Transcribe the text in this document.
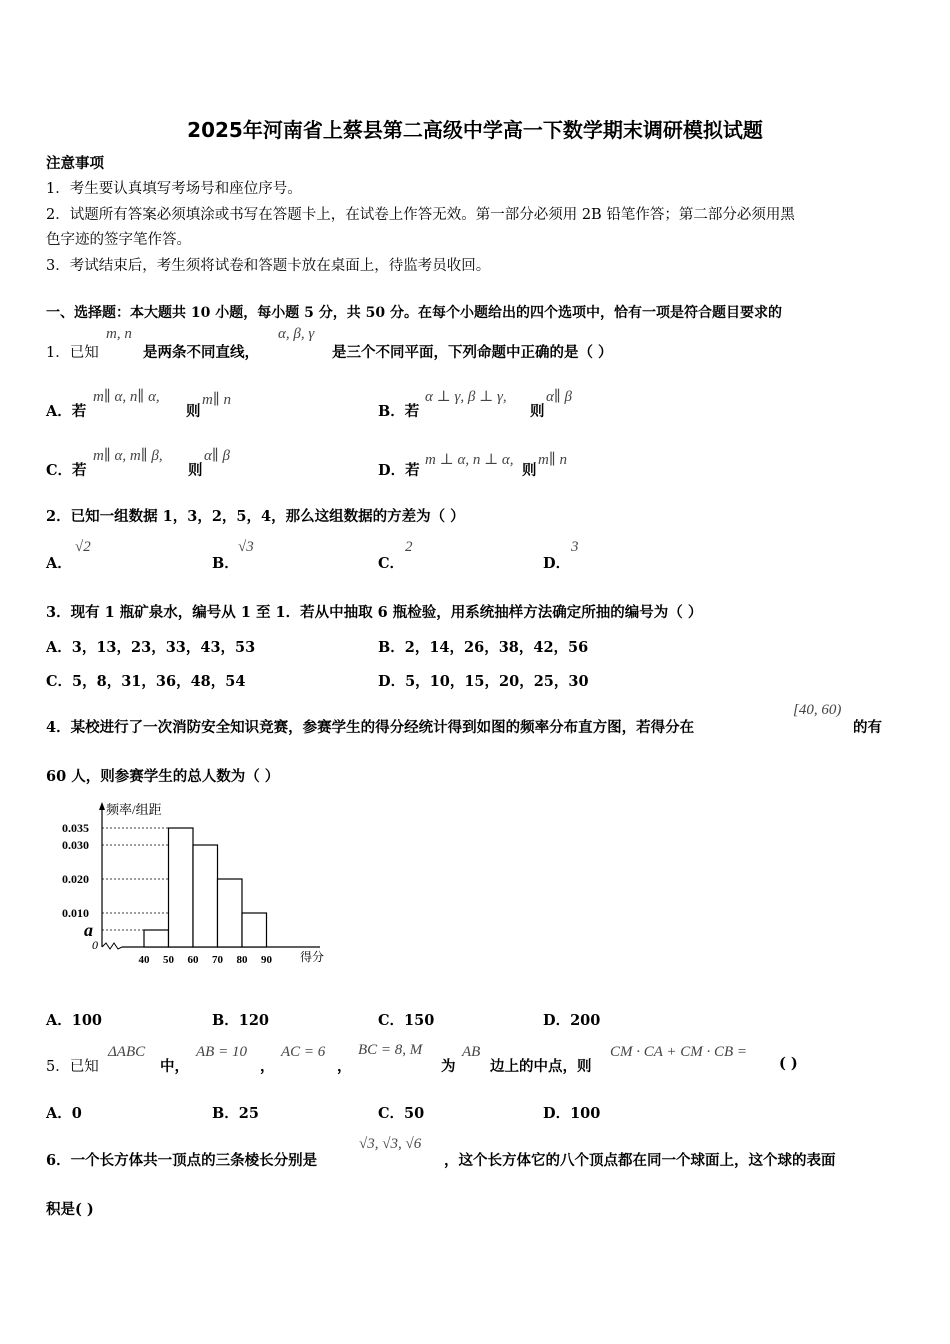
2025年河南省上蔡县第二高级中学高一下数学期末调研模拟试题
注意事项
1．考生要认真填写考场号和座位序号。
2．试题所有答案必须填涂或书写在答题卡上，在试卷上作答无效。第一部分必须用 2B 铅笔作答；第二部分必须用黑
色字迹的签字笔作答。
3．考试结束后，考生须将试卷和答题卡放在桌面上，待监考员收回。
一、选择题：本大题共 10 小题，每小题 5 分，共 50 分。在每个小题给出的四个选项中，恰有一项是符合题目要求的
1．已知
m, n
是两条不同直线，
α, β, γ
是三个不同平面，下列命题中正确的是（ ）
A．若
m∥ α, n∥ α,
则
m∥ n
B．若
α ⊥ γ, β ⊥ γ,
则
α∥ β
C．若
m∥ α, m∥ β,
则
α∥ β
D．若
m ⊥ α, n ⊥ α,
则
m∥ n
2．已知一组数据 1，3，2，5，4，那么这组数据的方差为（ ）
A．
√2
B．
√3
C．
2
D．
3
3．现有 1 瓶矿泉水，编号从 1 至 1．若从中抽取 6 瓶检验，用系统抽样方法确定所抽的编号为（ ）
A．3，13，23，33，43，53	B．2，14，26，38，42，56
C．5，8，31，36，48，54	D．5，10，15，20，25，30
4．某校进行了一次消防安全知识竞赛，参赛学生的得分经统计得到如图的频率分布直方图，若得分在
[40, 60)
的有
60 人，则参赛学生的总人数为（ ）
频率/组距
得分
0
0.035
0.030
0.020
0.010
a
40 50 60 70 80 90
A．100	B．120	C．150	D．200
5．已知
ΔABC
中，
AB = 10
，
AC = 6
，
BC = 8, M
为
AB
边上的中点，则
CM · CA + CM · CB =
( )
A．0	B．25	C．50	D．100
6．一个长方体共一顶点的三条棱长分别是
√3, √3, √6
，这个长方体它的八个顶点都在同一个球面上，这个球的表面
积是( )
